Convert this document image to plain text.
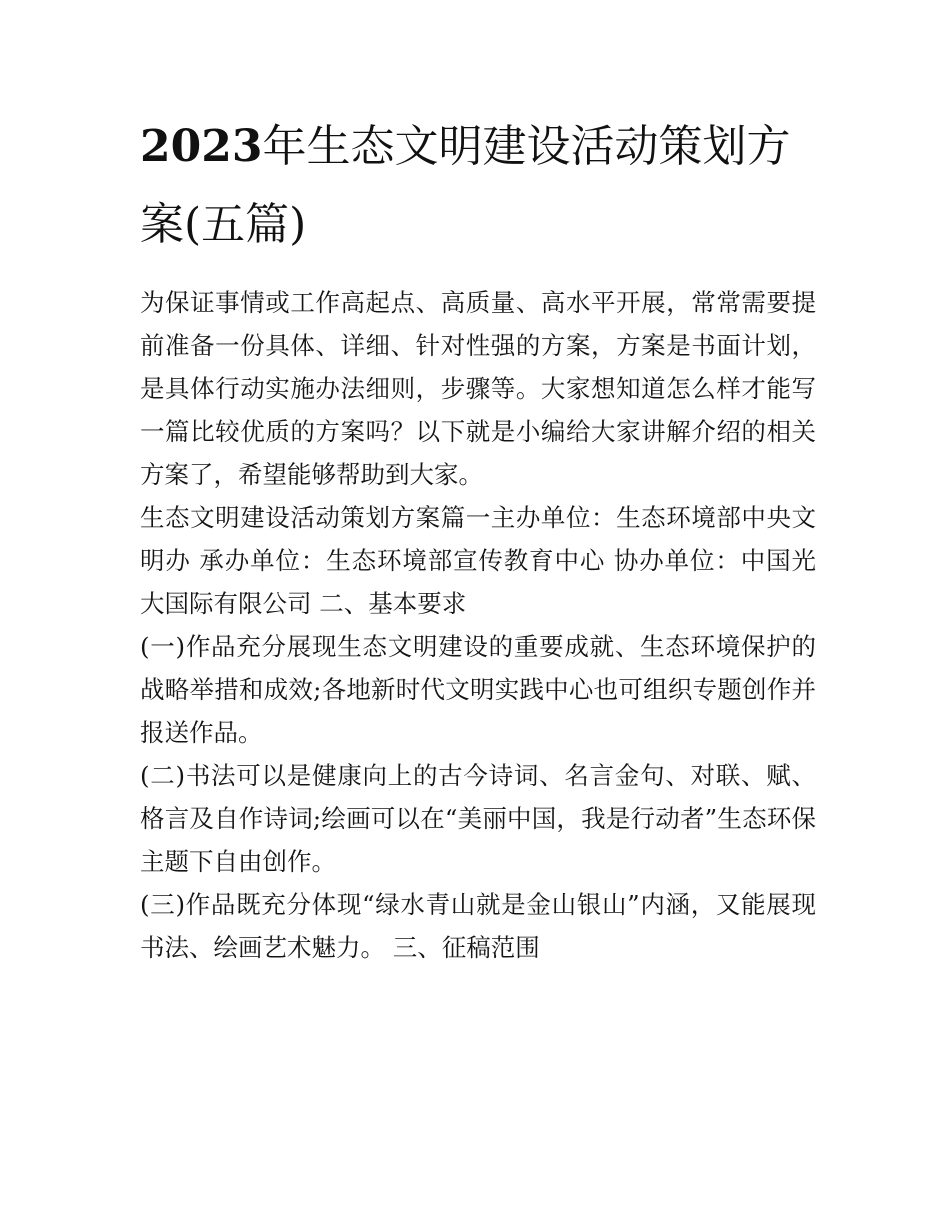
2023年生态文明建设活动策划方案(五篇)

为保证事情或工作高起点、高质量、高水平开展，常常需要提前准备一份具体、详细、针对性强的方案，方案是书面计划，是具体行动实施办法细则，步骤等。大家想知道怎么样才能写一篇比较优质的方案吗？以下就是小编给大家讲解介绍的相关方案了，希望能够帮助到大家。

生态文明建设活动策划方案篇一主办单位：生态环境部中央文明办 承办单位：生态环境部宣传教育中心 协办单位：中国光大国际有限公司 二、基本要求

(一)作品充分展现生态文明建设的重要成就、生态环境保护的战略举措和成效;各地新时代文明实践中心也可组织专题创作并报送作品。

(二)书法可以是健康向上的古今诗词、名言金句、对联、赋、格言及自作诗词;绘画可以在“美丽中国，我是行动者”生态环保主题下自由创作。

(三)作品既充分体现“绿水青山就是金山银山”内涵，又能展现书法、绘画艺术魅力。 三、征稿范围
